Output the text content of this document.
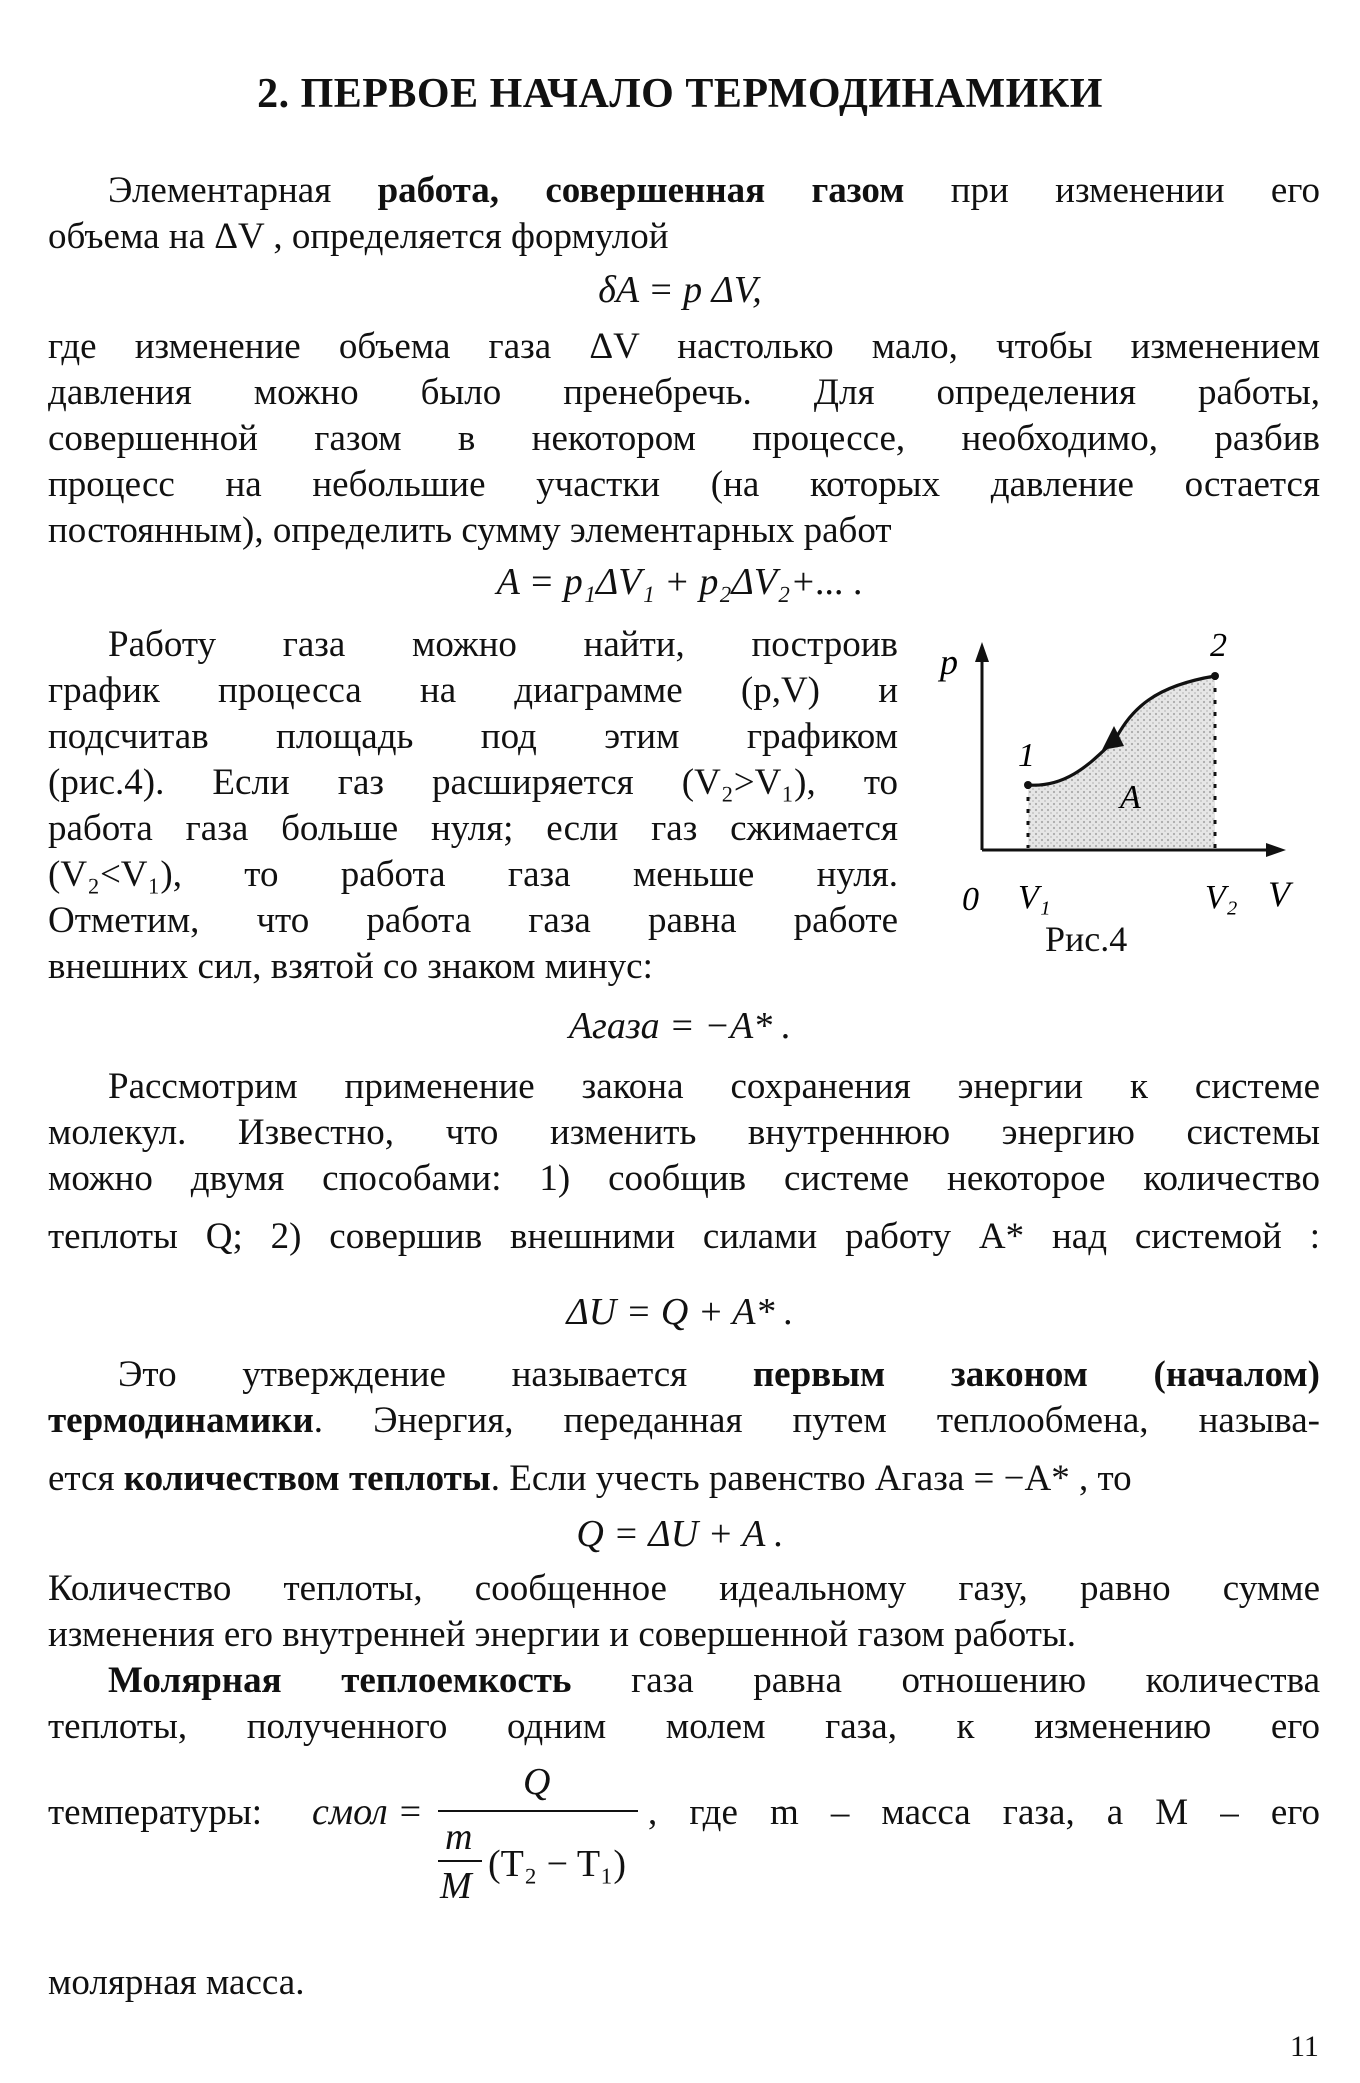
2. ПЕРВОЕ НАЧАЛО ТЕРМОДИНАМИКИ
Элементарная работа, совершенная газом при изменении его
объема на ΔV , определяется формулой
δA = p ΔV,
где изменение объема газа ΔV настолько мало, чтобы изменением
давления можно было пренебречь. Для определения работы,
совершенной газом в некотором процессе, необходимо, разбив
процесс на небольшие участки (на которых давление остается
постоянным), определить сумму элементарных работ
A = p₁ΔV₁ + p₂ΔV₂+... .
Работу газа можно найти, построив
график процесса на диаграмме (p,V) и
подсчитав площадь под этим графиком
(рис.4). Если газ расширяется (V₂>V₁), то
работа газа больше нуля; если газ сжимается
(V₂<V₁), то работа газа меньше нуля.
Отметим, что работа газа равна работе
внешних сил, взятой со знаком минус:
p
V
0 V₁	V₂
1
2
A
Рис.4
Aгаза = −A* .
Рассмотрим применение закона сохранения энергии к системе
молекул. Известно, что изменить внутреннюю энергию системы
можно двумя способами: 1) сообщив системе некоторое количество
теплоты Q; 2) совершив внешними силами работу A* над системой :
ΔU = Q + A* .
Это утверждение называется первым законом (началом)
термодинамики. Энергия, переданная путем теплообмена, называ-
ется количеством теплоты. Если учесть равенство Aгаза = −A* , то
Q = ΔU + A .
Количество теплоты, сообщенное идеальному газу, равно сумме
изменения его внутренней энергии и совершенной газом работы.
Молярная теплоемкость газа равна отношению количества
теплоты, полученного одним молем газа, к изменению его
температуры:	cмол =
Q
m
M
(T₂ − T₁)
, где m – масса газа, а M – его
молярная масса.
11
